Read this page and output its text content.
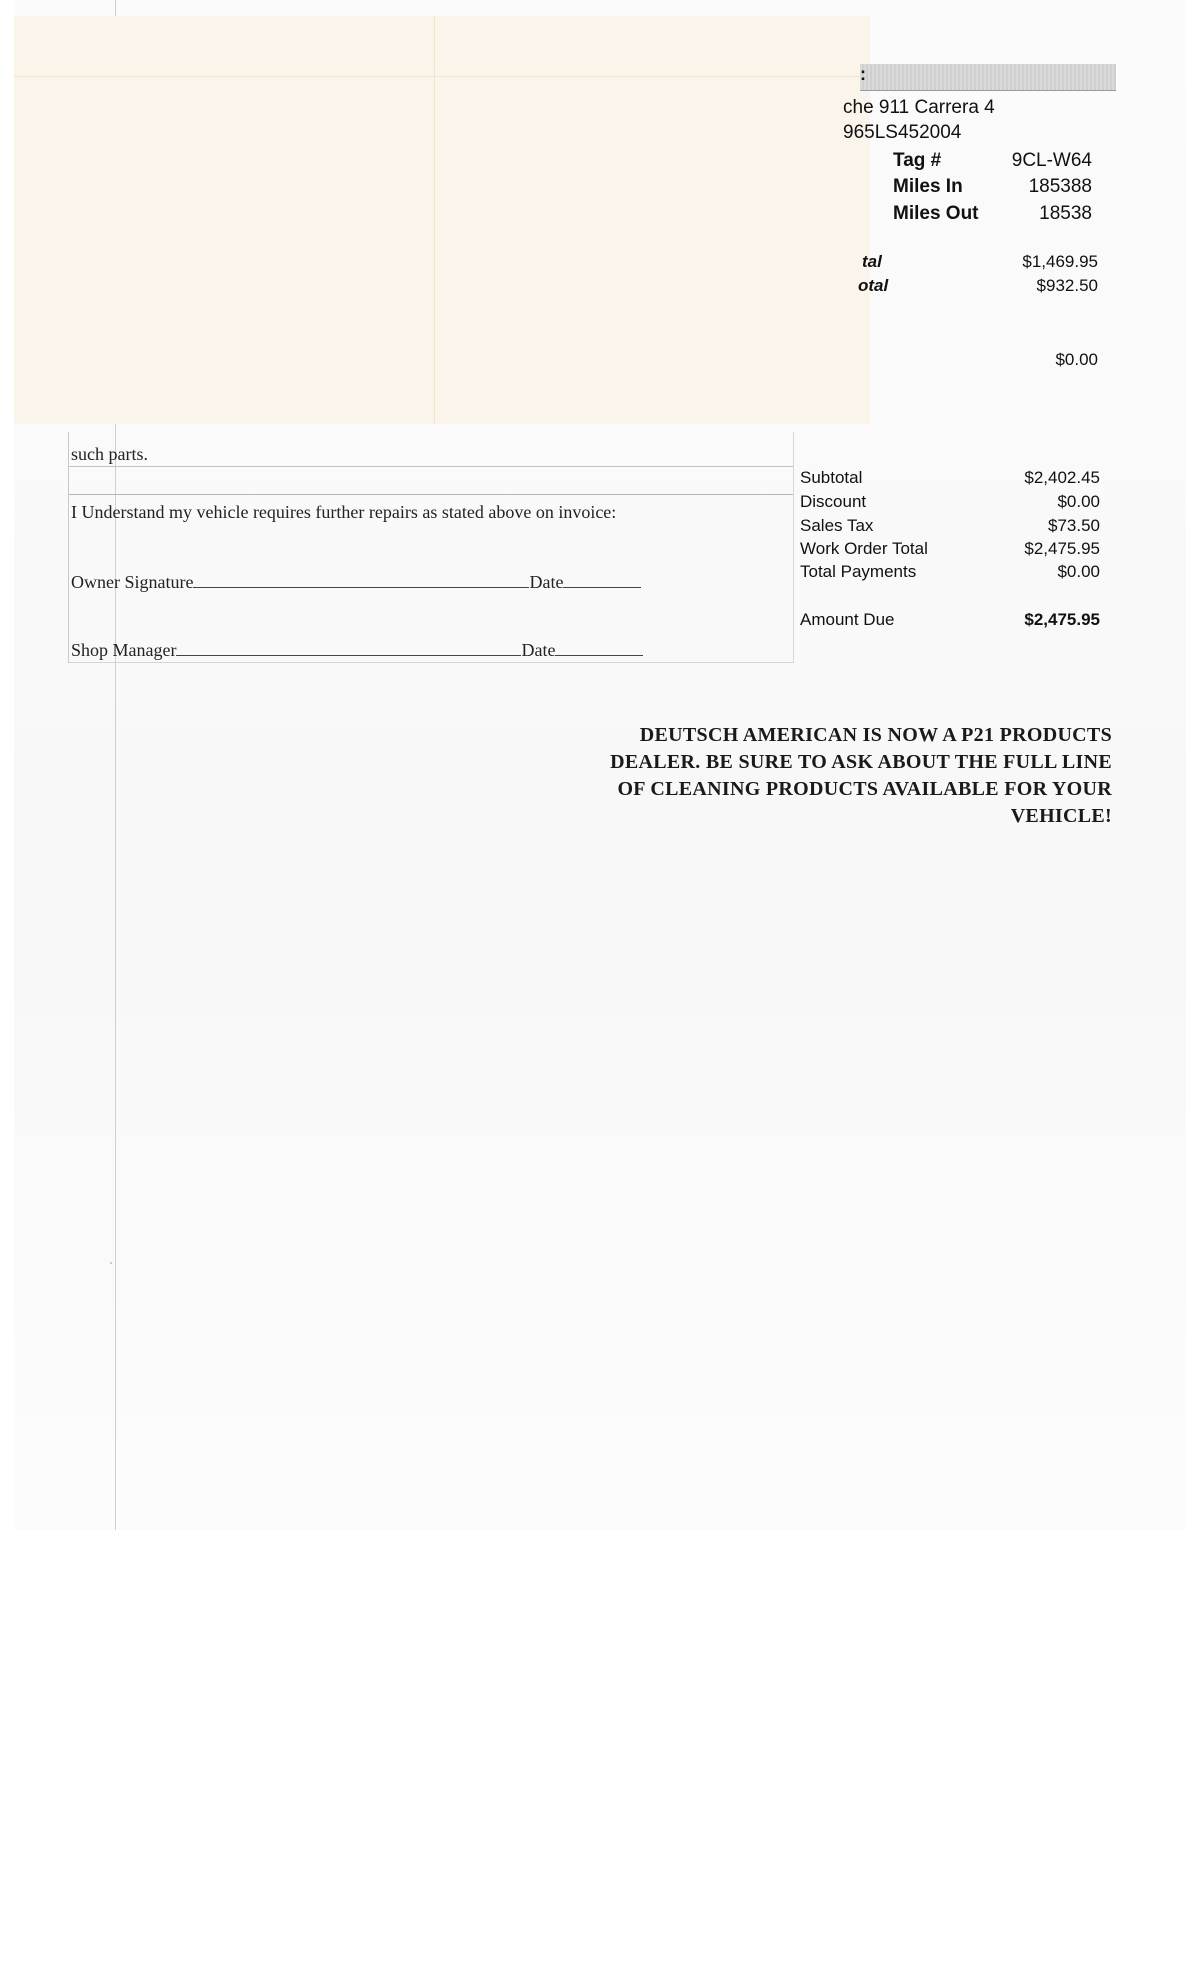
:
che 911 Carrera 4
965LS452004
Tag #	9CL-W64
Miles In	185388
Miles Out	18538
tal	$1,469.95
otal	$932.50
$0.00
Subtotal	$2,402.45
Discount	$0.00
Sales Tax	$73.50
Work Order Total	$2,475.95
Total Payments	$0.00
Amount Due	$2,475.95
such parts.
I Understand my vehicle requires further repairs as stated above on invoice:
Owner Signature	Date
Shop Manager	Date
DEUTSCH AMERICAN IS NOW A P21 PRODUCTS
DEALER. BE SURE TO ASK ABOUT THE FULL LINE
OF CLEANING PRODUCTS AVAILABLE FOR YOUR
VEHICLE!
